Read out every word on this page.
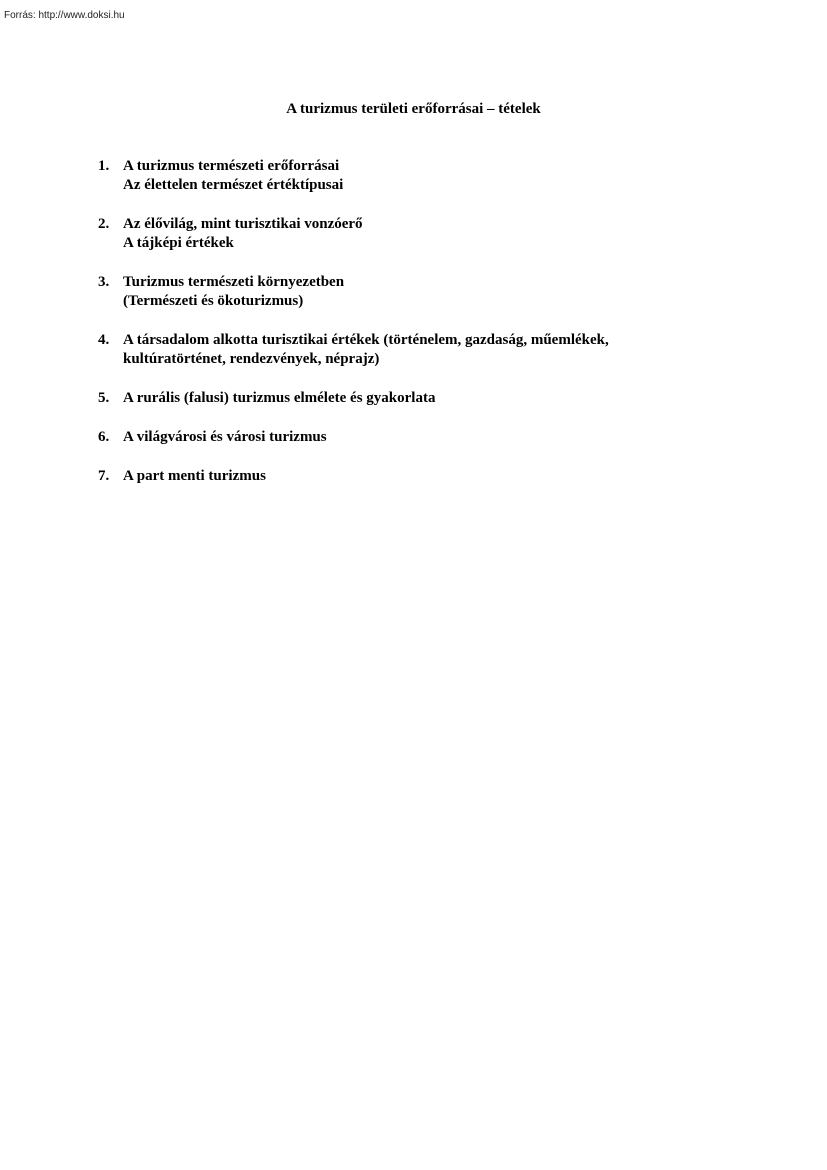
Forrás: http://www.doksi.hu
A turizmus területi erőforrásai – tételek
1. A turizmus természeti erőforrásai
Az élettelen természet értéktípusai
2. Az élővilág, mint turisztikai vonzóerő
A tájképi értékek
3. Turizmus természeti környezetben
(Természeti és ökoturizmus)
4. A társadalom alkotta turisztikai értékek (történelem, gazdaság, műemlékek,
kultúratörténet, rendezvények, néprajz)
5. A rurális (falusi) turizmus elmélete és gyakorlata
6. A világvárosi és városi turizmus
7. A part menti turizmus
